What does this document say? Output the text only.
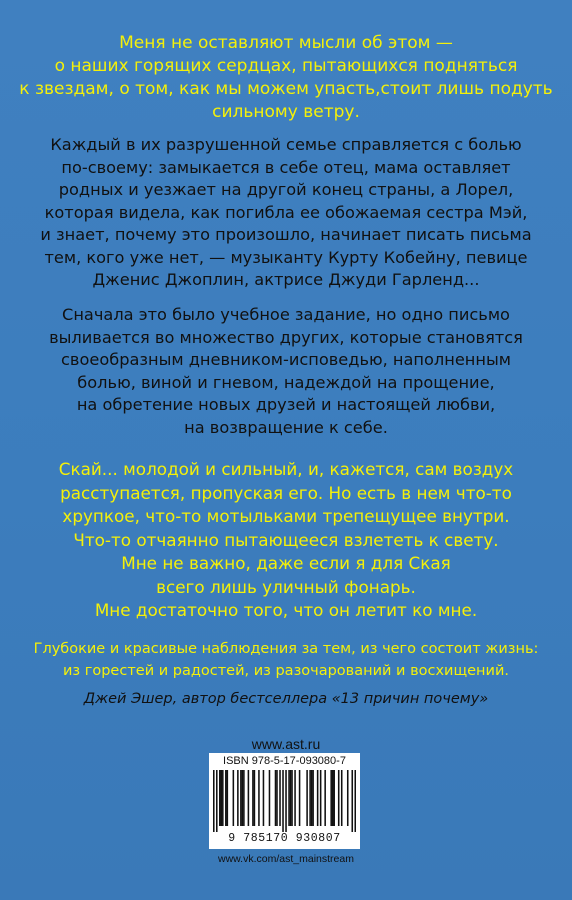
Меня не оставляют мысли об этом —
о наших горящих сердцах, пытающихся подняться
к звездам, о том, как мы можем упасть,стоит лишь подуть
сильному ветру.
Каждый в их разрушенной семье справляется с болью
по-своему: замыкается в себе отец, мама оставляет
родных и уезжает на другой конец страны, а Лорел,
которая видела, как погибла ее обожаемая сестра Мэй,
и знает, почему это произошло, начинает писать письма
тем, кого уже нет, — музыканту Курту Кобейну, певице
Дженис Джоплин, актрисе Джуди Гарленд...
Сначала это было учебное задание, но одно письмо
выливается во множество других, которые становятся
своеобразным дневником-исповедью, наполненным
болью, виной и гневом, надеждой на прощение,
на обретение новых друзей и настоящей любви,
на возвращение к себе.
Скай... молодой и сильный, и, кажется, сам воздух
расступается, пропуская его. Но есть в нем что-то
хрупкое, что-то мотыльками трепещущее внутри.
Что-то отчаянно пытающееся взлететь к свету.
Мне не важно, даже если я для Ская
всего лишь уличный фонарь.
Мне достаточно того, что он летит ко мне.
Глубокие и красивые наблюдения за тем, из чего состоит жизнь:
из горестей и радостей, из разочарований и восхищений.
Джей Эшер, автор бестселлера «13 причин почему»
www.ast.ru
ISBN 978-5-17-093080-7
9 785170 930807
www.vk.com/ast_mainstream
